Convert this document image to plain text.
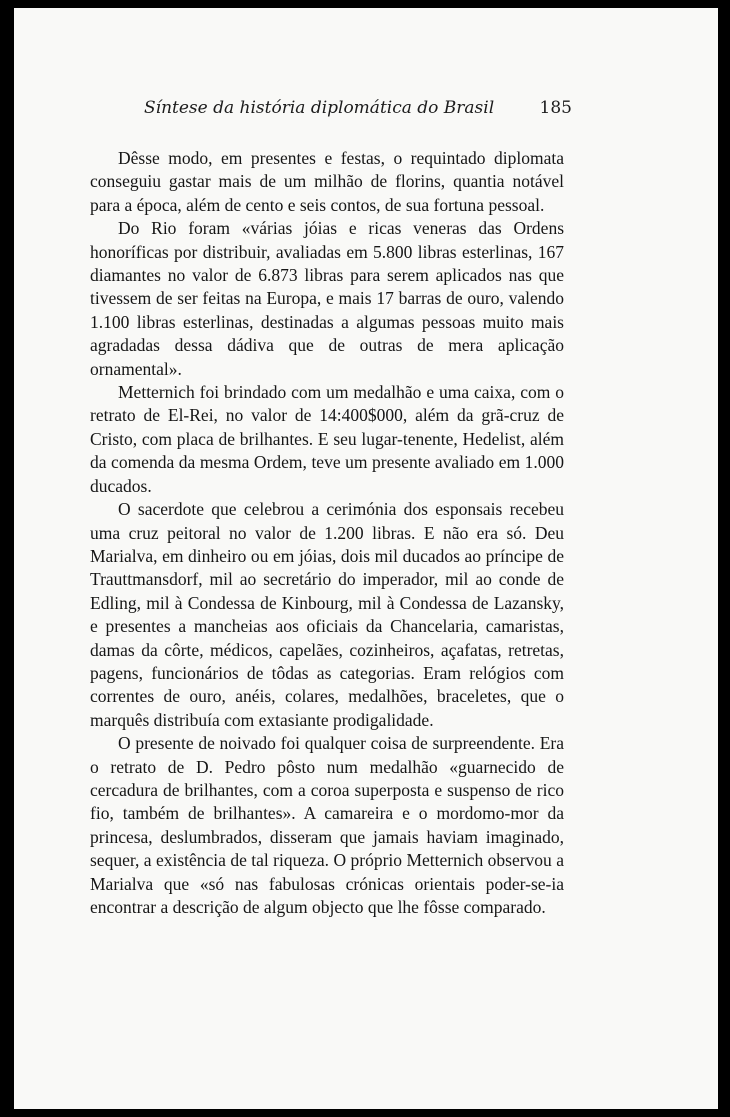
Síntese da história diplomática do Brasil	185

Dêsse modo, em presentes e festas, o requintado diplomata conseguiu gastar mais de um milhão de florins, quantia notável para a época, além de cento e seis contos, de sua fortuna pessoal.

Do Rio foram «várias jóias e ricas veneras das Ordens honoríficas por distribuir, avaliadas em 5.800 libras esterlinas, 167 diamantes no valor de 6.873 libras para serem aplicados nas que tivessem de ser feitas na Europa, e mais 17 barras de ouro, valendo 1.100 libras esterlinas, destinadas a algumas pessoas muito mais agradadas dessa dádiva que de outras de mera aplicação ornamental».

Metternich foi brindado com um medalhão e uma caixa, com o retrato de El-Rei, no valor de 14:400$000, além da grã-cruz de Cristo, com placa de brilhantes. E seu lugar-tenente, Hedelist, além da comenda da mesma Ordem, teve um presente avaliado em 1.000 ducados.

O sacerdote que celebrou a cerimónia dos esponsais recebeu uma cruz peitoral no valor de 1.200 libras. E não era só. Deu Marialva, em dinheiro ou em jóias, dois mil ducados ao príncipe de Trauttmansdorf, mil ao secretário do imperador, mil ao conde de Edling, mil à Condessa de Kinbourg, mil à Condessa de Lazansky, e presentes a mancheias aos oficiais da Chancelaria, camaristas, damas da côrte, médicos, capelães, cozinheiros, açafatas, retretas, pagens, funcionários de tôdas as categorias. Eram relógios com correntes de ouro, anéis, colares, medalhões, braceletes, que o marquês distribuía com extasiante prodigalidade.

O presente de noivado foi qualquer coisa de surpreendente. Era o retrato de D. Pedro pôsto num medalhão «guarnecido de cercadura de brilhantes, com a coroa superposta e suspenso de rico fio, também de brilhantes». A camareira e o mordomo-mor da princesa, deslumbrados, disseram que jamais haviam imaginado, sequer, a existência de tal riqueza. O próprio Metternich observou a Marialva que «só nas fabulosas crónicas orientais poder-se-ia encontrar a descrição de algum objecto que lhe fôsse comparado.
